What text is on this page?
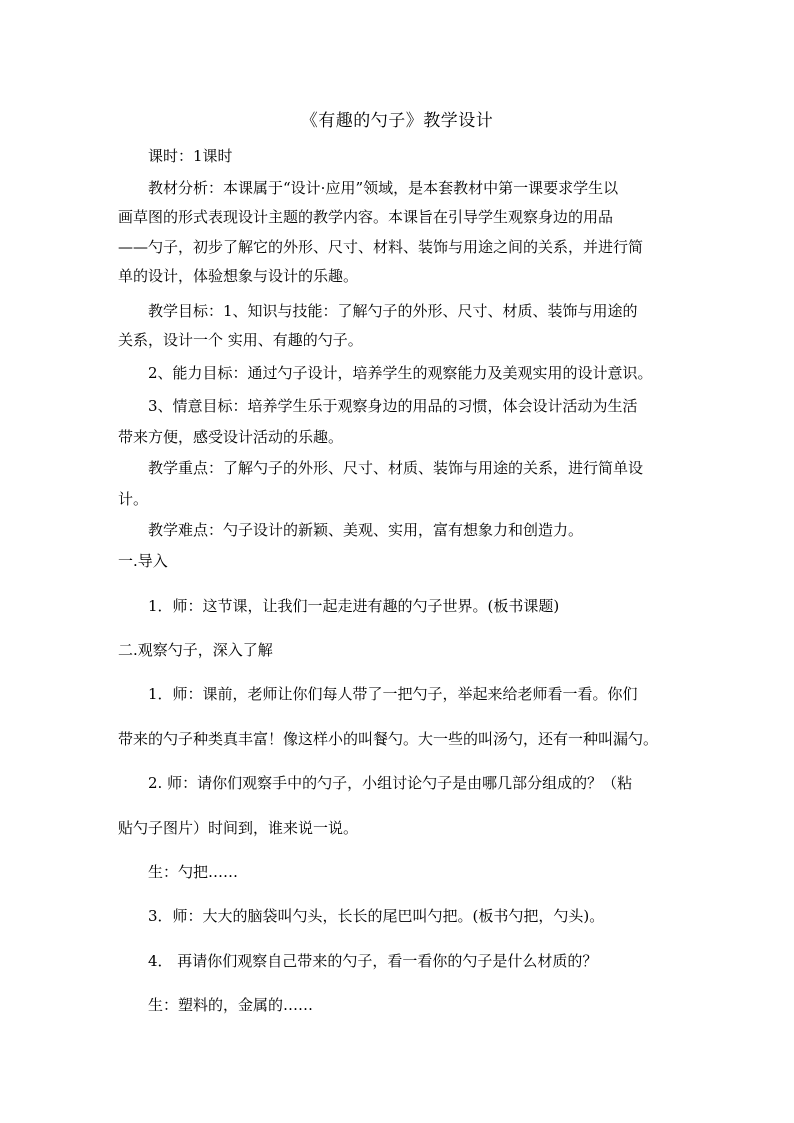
《有趣的勺子》教学设计
课时：1课时
教材分析：本课属于“设计·应用”领域，是本套教材中第一课要求学生以
画草图的形式表现设计主题的教学内容。本课旨在引导学生观察身边的用品
——勺子，初步了解它的外形、尺寸、材料、装饰与用途之间的关系，并进行简
单的设计，体验想象与设计的乐趣。
教学目标：1、知识与技能：了解勺子的外形、尺寸、材质、装饰与用途的
关系，设计一个 实用、有趣的勺子。
2、能力目标：通过勺子设计，培养学生的观察能力及美观实用的设计意识。
3、情意目标：培养学生乐于观察身边的用品的习惯，体会设计活动为生活
带来方便，感受设计活动的乐趣。
教学重点：了解勺子的外形、尺寸、材质、装饰与用途的关系，进行简单设
计。
教学难点：勺子设计的新颖、美观、实用，富有想象力和创造力。
一.导入
1．师：这节课，让我们一起走进有趣的勺子世界。(板书课题)
二.观察勺子，深入了解
1．师：课前，老师让你们每人带了一把勺子，举起来给老师看一看。你们
带来的勺子种类真丰富！像这样小的叫餐勺。大一些的叫汤勺，还有一种叫漏勺。
2. 师：请你们观察手中的勺子，小组讨论勺子是由哪几部分组成的？（粘
贴勺子图片）时间到，谁来说一说。
生：勺把……
3．师：大大的脑袋叫勺头，长长的尾巴叫勺把。(板书勺把，勺头)。
4． 再请你们观察自己带来的勺子，看一看你的勺子是什么材质的？
生：塑料的，金属的……
